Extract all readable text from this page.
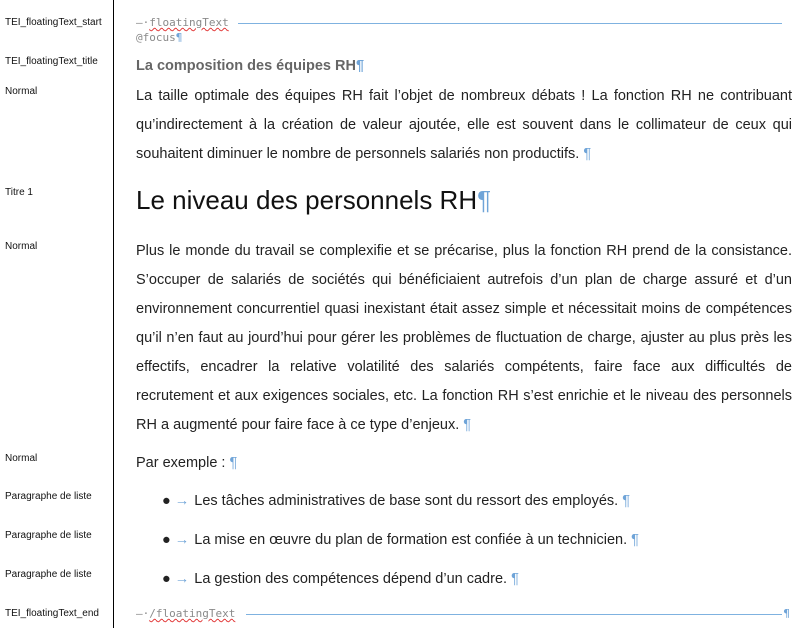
TEI_floatingText_start
TEI_floatingText_title
Normal
Titre 1
Normal
Normal
Paragraphe de liste
Paragraphe de liste
Paragraphe de liste
TEI_floatingText_end
—·floatingText
@focus¶
La composition des équipes RH¶
La taille optimale des équipes RH fait l’objet de nombreux débats ! La fonction RH ne contribuant qu’indirectement à la création de valeur ajoutée, elle est souvent dans le collimateur de ceux qui souhaitent diminuer le nombre de personnels salariés non productifs. ¶
Le niveau des personnels RH¶
Plus le monde du travail se complexifie et se précarise, plus la fonction RH prend de la consistance. S’occuper de salariés de sociétés qui bénéficiaient autrefois d’un plan de charge assuré et d’un environnement concurrentiel quasi inexistant était assez simple et nécessitait moins de compétences qu’il n’en faut au jourd’hui pour gérer les problèmes de fluctuation de charge, ajuster au plus près les effectifs, encadrer la relative volatilité des salariés compétents, faire face aux difficultés de recrutement et aux exigences sociales, etc. La fonction RH s’est enrichie et le niveau des personnels RH a augmenté pour faire face à ce type d’enjeux. ¶
Par exemple : ¶
● → Les tâches administratives de base sont du ressort des employés. ¶
● → La mise en œuvre du plan de formation est confiée à un technicien. ¶
● → La gestion des compétences dépend d’un cadre. ¶
—·/floatingText	¶
